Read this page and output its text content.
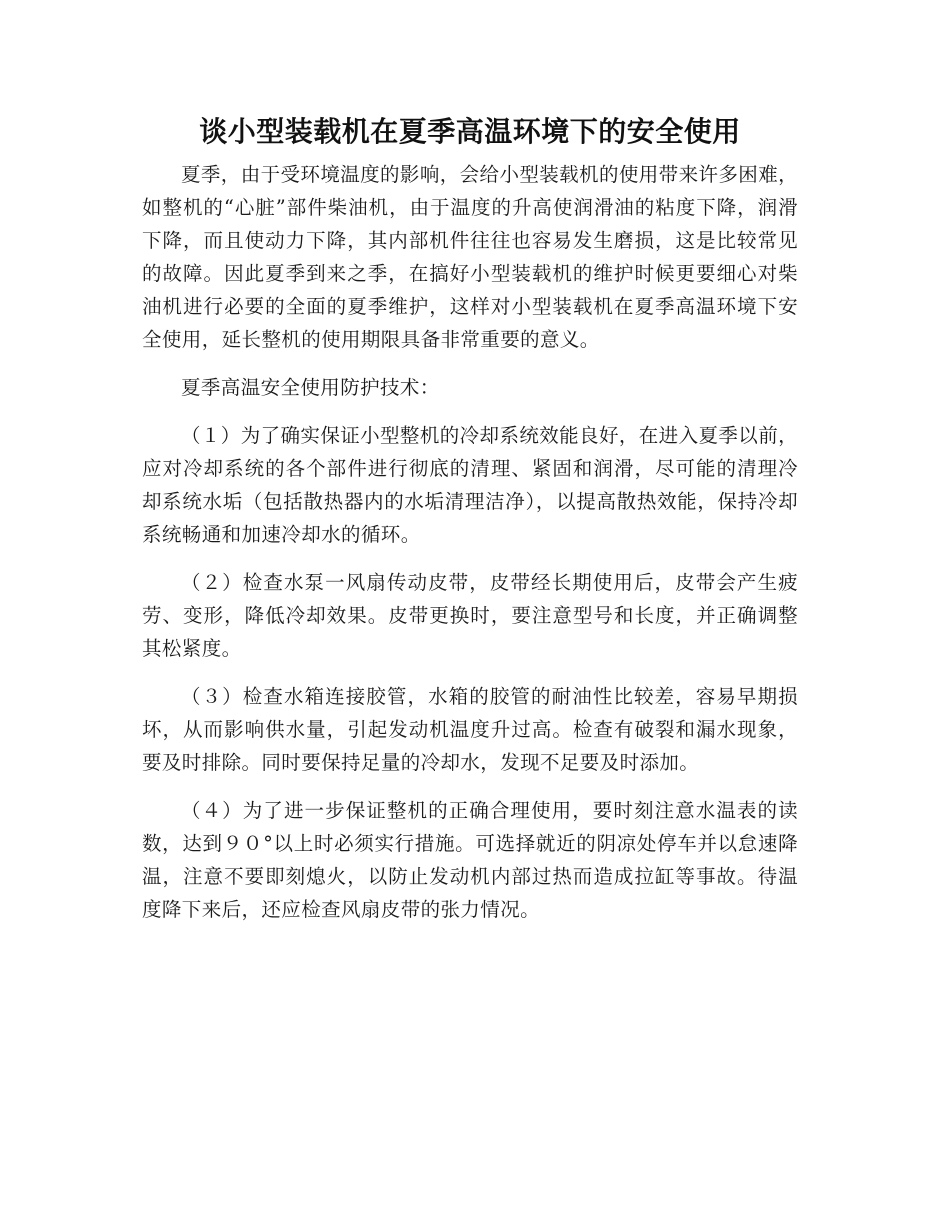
谈小型装载机在夏季高温环境下的安全使用

夏季，由于受环境温度的影响，会给小型装载机的使用带来许多困难，如整机的“心脏”部件柴油机，由于温度的升高使润滑油的粘度下降，润滑下降，而且使动力下降，其内部机件往往也容易发生磨损，这是比较常见的故障。因此夏季到来之季，在搞好小型装载机的维护时候更要细心对柴油机进行必要的全面的夏季维护，这样对小型装载机在夏季高温环境下安全使用，延长整机的使用期限具备非常重要的意义。

夏季高温安全使用防护技术：

（１）为了确实保证小型整机的冷却系统效能良好，在进入夏季以前，应对冷却系统的各个部件进行彻底的清理、紧固和润滑，尽可能的清理冷却系统水垢（包括散热器内的水垢清理洁净），以提高散热效能，保持冷却系统畅通和加速冷却水的循环。

（２）检查水泵一风扇传动皮带，皮带经长期使用后，皮带会产生疲劳、变形，降低冷却效果。皮带更换时，要注意型号和长度，并正确调整其松紧度。

（３）检查水箱连接胶管，水箱的胶管的耐油性比较差，容易早期损坏，从而影响供水量，引起发动机温度升过高。检查有破裂和漏水现象，要及时排除。同时要保持足量的冷却水，发现不足要及时添加。

（４）为了进一步保证整机的正确合理使用，要时刻注意水温表的读数，达到９０°以上时必须实行措施。可选择就近的阴凉处停车并以怠速降温，注意不要即刻熄火，以防止发动机内部过热而造成拉缸等事故。待温度降下来后，还应检查风扇皮带的张力情况。
